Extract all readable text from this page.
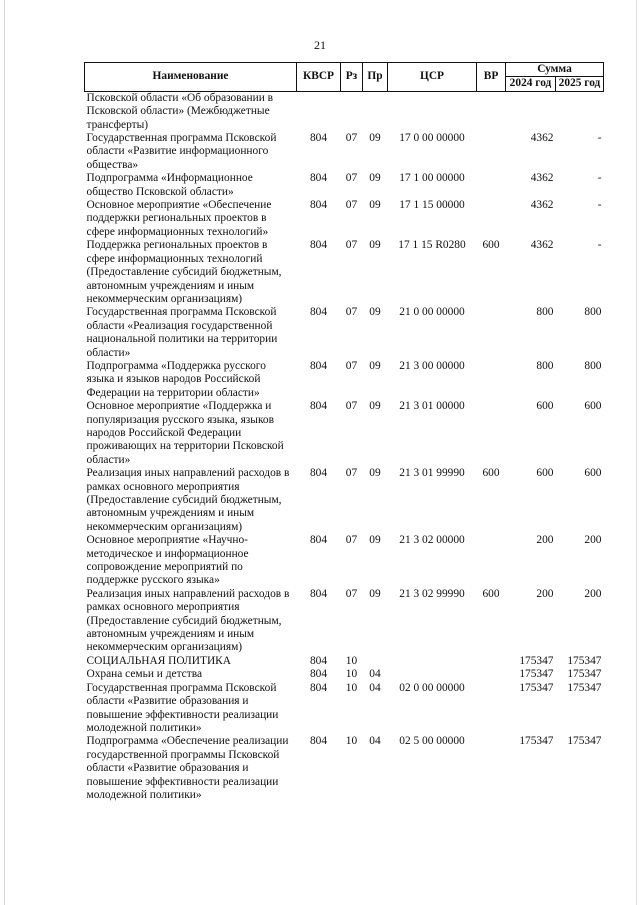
21
Наименование	КВСР	Рз	Пр	ЦСР	ВР	Сумма	
						2024 год	2025 год
Псковской области «Об образовании в Псковской области» (Межбюджетные трансферты)							
Государственная программа Псковской области «Развитие информационного общества»	804	07	09	17 0 00 00000		4362	-
Подпрограмма «Информационное общество Псковской области»	804	07	09	17 1 00 00000		4362	-
Основное мероприятие «Обеспечение поддержки региональных проектов в сфере информационных технологий»	804	07	09	17 1 15 00000		4362	-
Поддержка региональных проектов в сфере информационных технологий (Предоставление субсидий бюджетным, автономным учреждениям и иным некоммерческим организациям)	804	07	09	17 1 15 R0280	600	4362	-
Государственная программа Псковской области «Реализация государственной национальной политики на территории области»	804	07	09	21 0 00 00000		800	800
Подпрограмма «Поддержка русского языка и языков народов Российской Федерации на территории области»	804	07	09	21 3 00 00000		800	800
Основное мероприятие «Поддержка и популяризация русского языка, языков народов Российской Федерации проживающих на территории Псковской области»	804	07	09	21 3 01 00000		600	600
Реализация иных направлений расходов в рамках основного мероприятия (Предоставление субсидий бюджетным, автономным учреждениям и иным некоммерческим организациям)	804	07	09	21 3 01 99990	600	600	600
Основное мероприятие «Научно-методическое и информационное сопровождение мероприятий по поддержке русского языка»	804	07	09	21 3 02 00000		200	200
Реализация иных направлений расходов в рамках основного мероприятия (Предоставление субсидий бюджетным, автономным учреждениям и иным некоммерческим организациям)	804	07	09	21 3 02 99990	600	200	200
СОЦИАЛЬНАЯ ПОЛИТИКА	804	10				175347	175347
Охрана семьи и детства	804	10	04			175347	175347
Государственная программа Псковской области «Развитие образования и повышение эффективности реализации молодежной политики»	804	10	04	02 0 00 00000		175347	175347
Подпрограмма «Обеспечение реализации государственной программы Псковской области «Развитие образования и повышение эффективности реализации молодежной политики»	804	10	04	02 5 00 00000		175347	175347
